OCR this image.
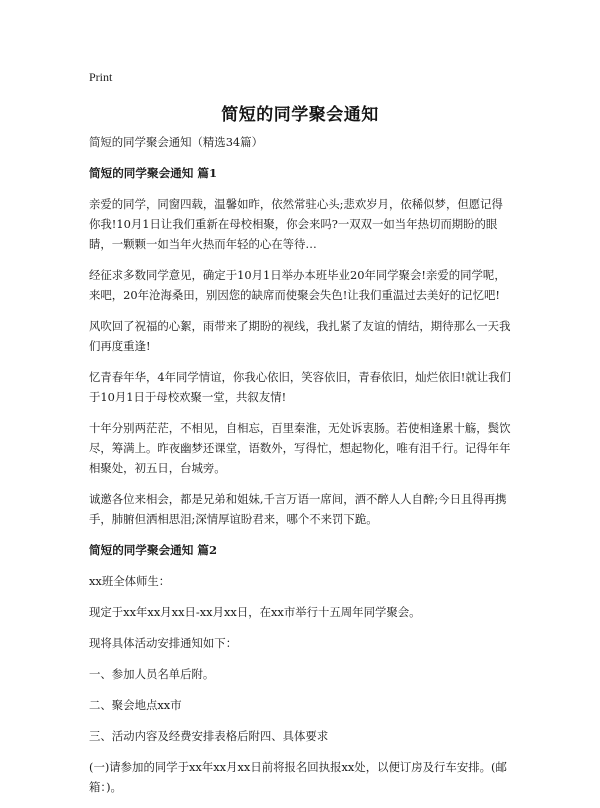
Print
简短的同学聚会通知

简短的同学聚会通知（精选34篇）

简短的同学聚会通知 篇1

亲爱的同学，同窗四载，温馨如昨，依然常驻心头;悲欢岁月，依稀似梦，但愿记得你我!10月1日让我们重新在母校相聚，你会来吗?一双双一如当年热切而期盼的眼睛，一颗颗一如当年火热而年轻的心在等待…

经征求多数同学意见，确定于10月1日举办本班毕业20年同学聚会!亲爱的同学呢，来吧，20年沧海桑田，别因您的缺席而使聚会失色!让我们重温过去美好的记忆吧!

风吹回了祝福的心絮，雨带来了期盼的视线，我扎紧了友谊的情结，期待那么一天我们再度重逢!

忆青春年华，4年同学情谊，你我心依旧，笑容依旧，青春依旧，灿烂依旧!就让我们于10月1日于母校欢聚一堂，共叙友情!

十年分别两茫茫，不相见，自相忘，百里秦淮，无处诉衷肠。若使相逢累十觞，鬓饮尽，筹满上。昨夜幽梦还课堂，语数外，写得忙，想起物化，唯有泪千行。记得年年相聚处，初五日，台城旁。

诚邀各位来相会，都是兄弟和姐妹,千言万语一席间，酒不醉人人自醉;今日且得再携手，肺腑但洒相思泪;深情厚谊盼君来，哪个不来罚下跪。

简短的同学聚会通知 篇2

xx班全体师生：

现定于xx年xx月xx日-xx月xx日，在xx市举行十五周年同学聚会。

现将具体活动安排通知如下：

一、参加人员名单后附。

二、聚会地点xx市

三、活动内容及经费安排表格后附四、具体要求

(一)请参加的同学于xx年xx月xx日前将报名回执报xx处，以便订房及行车安排。(邮箱：)。
